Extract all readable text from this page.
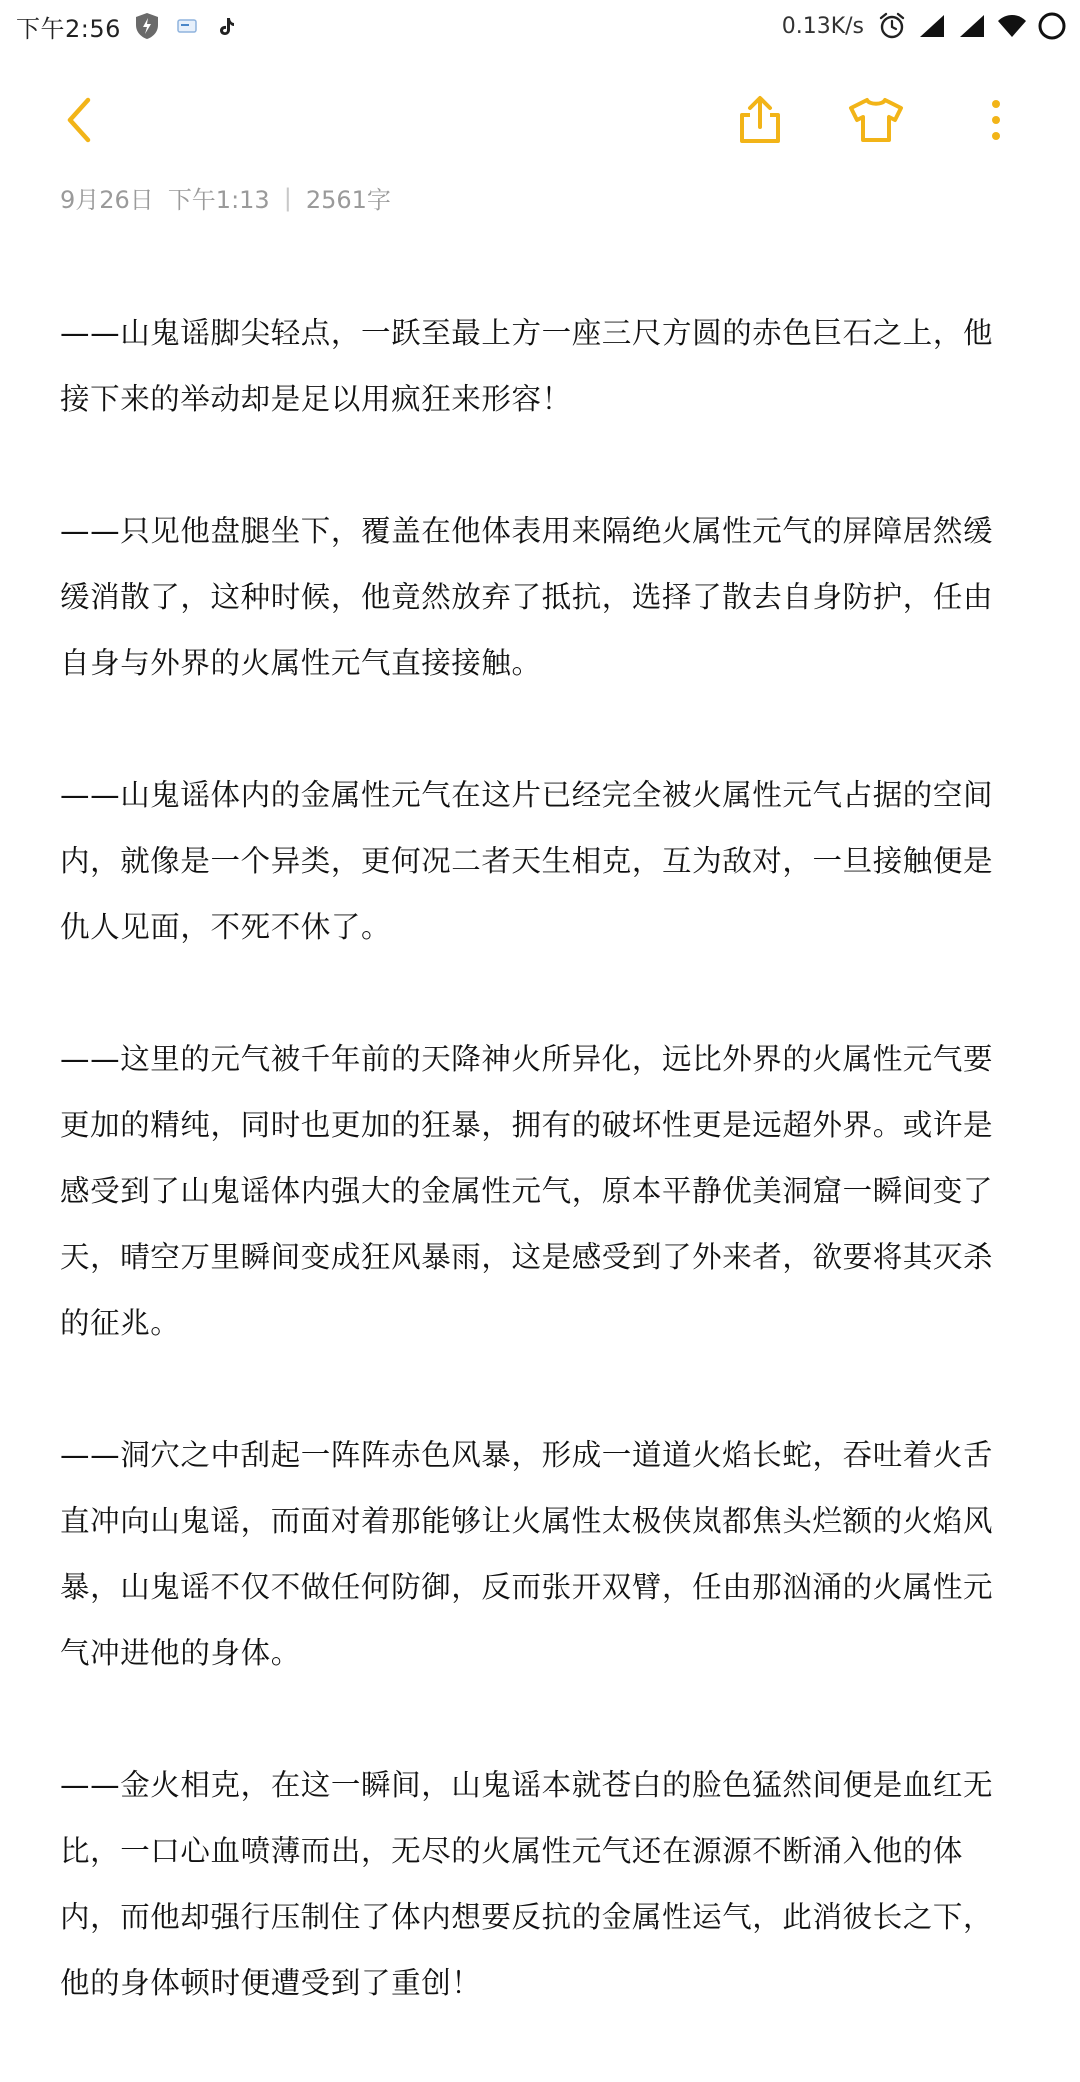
下午2:56	0.13K/s
9月26日 下午1:13 | 2561字

——山鬼谣脚尖轻点，一跃至最上方一座三尺方圆的赤色巨石之上，他接下来的举动却是足以用疯狂来形容！

——只见他盘腿坐下，覆盖在他体表用来隔绝火属性元气的屏障居然缓缓消散了，这种时候，他竟然放弃了抵抗，选择了散去自身防护，任由自身与外界的火属性元气直接接触。

——山鬼谣体内的金属性元气在这片已经完全被火属性元气占据的空间内，就像是一个异类，更何况二者天生相克，互为敌对，一旦接触便是仇人见面，不死不休了。

——这里的元气被千年前的天降神火所异化，远比外界的火属性元气要更加的精纯，同时也更加的狂暴，拥有的破坏性更是远超外界。或许是感受到了山鬼谣体内强大的金属性元气，原本平静优美洞窟一瞬间变了天，晴空万里瞬间变成狂风暴雨，这是感受到了外来者，欲要将其灭杀的征兆。

——洞穴之中刮起一阵阵赤色风暴，形成一道道火焰长蛇，吞吐着火舌直冲向山鬼谣，而面对着那能够让火属性太极侠岚都焦头烂额的火焰风暴，山鬼谣不仅不做任何防御，反而张开双臂，任由那汹涌的火属性元气冲进他的身体。

——金火相克，在这一瞬间，山鬼谣本就苍白的脸色猛然间便是血红无比，一口心血喷薄而出，无尽的火属性元气还在源源不断涌入他的体内，而他却强行压制住了体内想要反抗的金属性运气，此消彼长之下，他的身体顿时便遭受到了重创！
